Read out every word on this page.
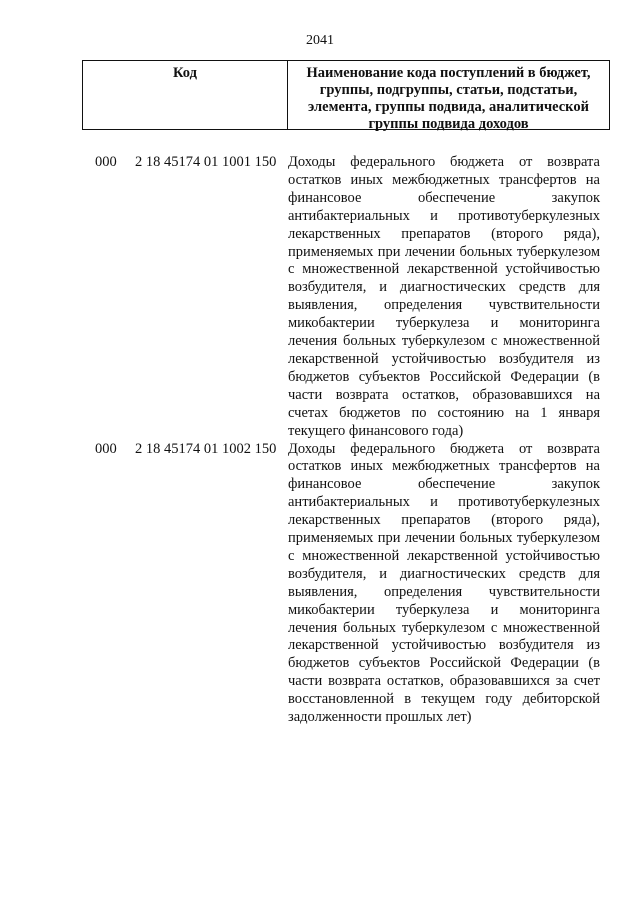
2041
Код	Наименование кода поступлений в бюджет, группы, подгруппы, статьи, подстатьи, элемента, группы подвида, аналитической группы подвида доходов
000	2 18 45174 01 1001 150 Доходы федерального бюджета от возврата остатков иных межбюджетных трансфертов на финансовое обеспечение закупок антибактериальных и противотуберкулезных лекарственных препаратов (второго ряда), применяемых при лечении больных туберкулезом с множественной лекарственной устойчивостью возбудителя, и диагностических средств для выявления, определения чувствительности микобактерии туберкулеза и мониторинга лечения больных туберкулезом с множественной лекарственной устойчивостью возбудителя из бюджетов субъектов Российской Федерации (в части возврата остатков, образовавшихся на счетах бюджетов по состоянию на 1 января текущего финансового года)
000	2 18 45174 01 1002 150 Доходы федерального бюджета от возврата остатков иных межбюджетных трансфертов на финансовое обеспечение закупок антибактериальных и противотуберкулезных лекарственных препаратов (второго ряда), применяемых при лечении больных туберкулезом с множественной лекарственной устойчивостью возбудителя, и диагностических средств для выявления, определения чувствительности микобактерии туберкулеза и мониторинга лечения больных туберкулезом с множественной лекарственной устойчивостью возбудителя из бюджетов субъектов Российской Федерации (в части возврата остатков, образовавшихся за счет восстановленной в текущем году дебиторской задолженности прошлых лет)
